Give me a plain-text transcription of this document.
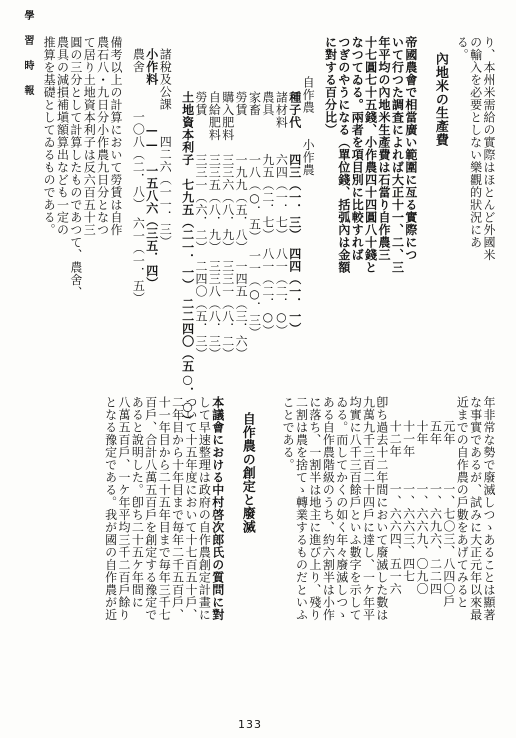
學 習 時 報	り、本州米需給の實際はほとんど外國米の輸入を必要としない樂觀的狀況にある。內地米の生產費帝國農會で相當廣い範圍に亙る實際について行つた調査によれば大正十一、二、三年平均の內地米生產費は石當り自作農三十七圓七十五錢、小作農四十四圓八十錢となつてゐる。兩者を項目別に比較すればつぎのやうになる（單位錢、括弧內は金額に對する百分比）自作農　　小作農種子代　　四三（一．三）　四四（一．一）諸材料　　六四（一．七）　八一（二．○）農具　　　九五（二．七）　八一（二．○）家畜　　　一八（○．五）　一一（○．三）勞賃　　　一九九（五．八）　一四五（三．六）購入肥料　三三六（八．九）　三三一（八．二）自給肥料　三三五（八．九）　三三八（八．三）勞賃　　　三三一（六．二）　二四〇（五．三）土地資本利子　七九五（二一．一）　二二四〇（五○．○）諸稅及公課　　四二六（一一．三）小作料　　　——　一五八六（三五．四）農舍　　　一〇八（二．八）　六一（一．五）備考以上の計算において勞賃は自作農石八・九日分小作農九日分となつて居り土地資本利子は反六百五十三圓の三分として計算したものであつて、農舍、農具の減損補塡額算出なども一定の推算を基礎としてゐるものである。
年非常な勢で廢滅しつゝあることは顯著な事實であるが、試みに大正元年以來最近までの自作農の戶數をあげてみると元年　　　一、七〇三、八四〇戶五年　　　一、六九六、二二四十年　　　一、六六九、〇九〇十一年　　一、六六三、四七十二年　　一、六六四、五一六卽ち過去十二年間において廢滅した數は九萬九千三百二十四戶に達し、一ケ年平均實に八千三百餘戶といふ數字を示してゐる。而してかくの如く年々廢滅しつゝある自作農階級のうち、約六割半は小作に落ち、一割半は地主に進び上り、殘り二割は農を捨てゝ轉業するものだといふことである。自作農の創定と廢滅本議會における中村啓次郎氏の質問に對して早速整理は政府の自作農創定計畫について十五年度において十七百五十戶、二年目から十年目まで毎年二千五百戶、十一年目から二十五年目まで毎年三千七百戶、合計八萬五百戶を創定する豫定であると說明した。卽ち二十五ケ年間に八萬五百戶、一ケ年平均三千二百戶餘りとなる豫定である。我が國の自作農が近
133
